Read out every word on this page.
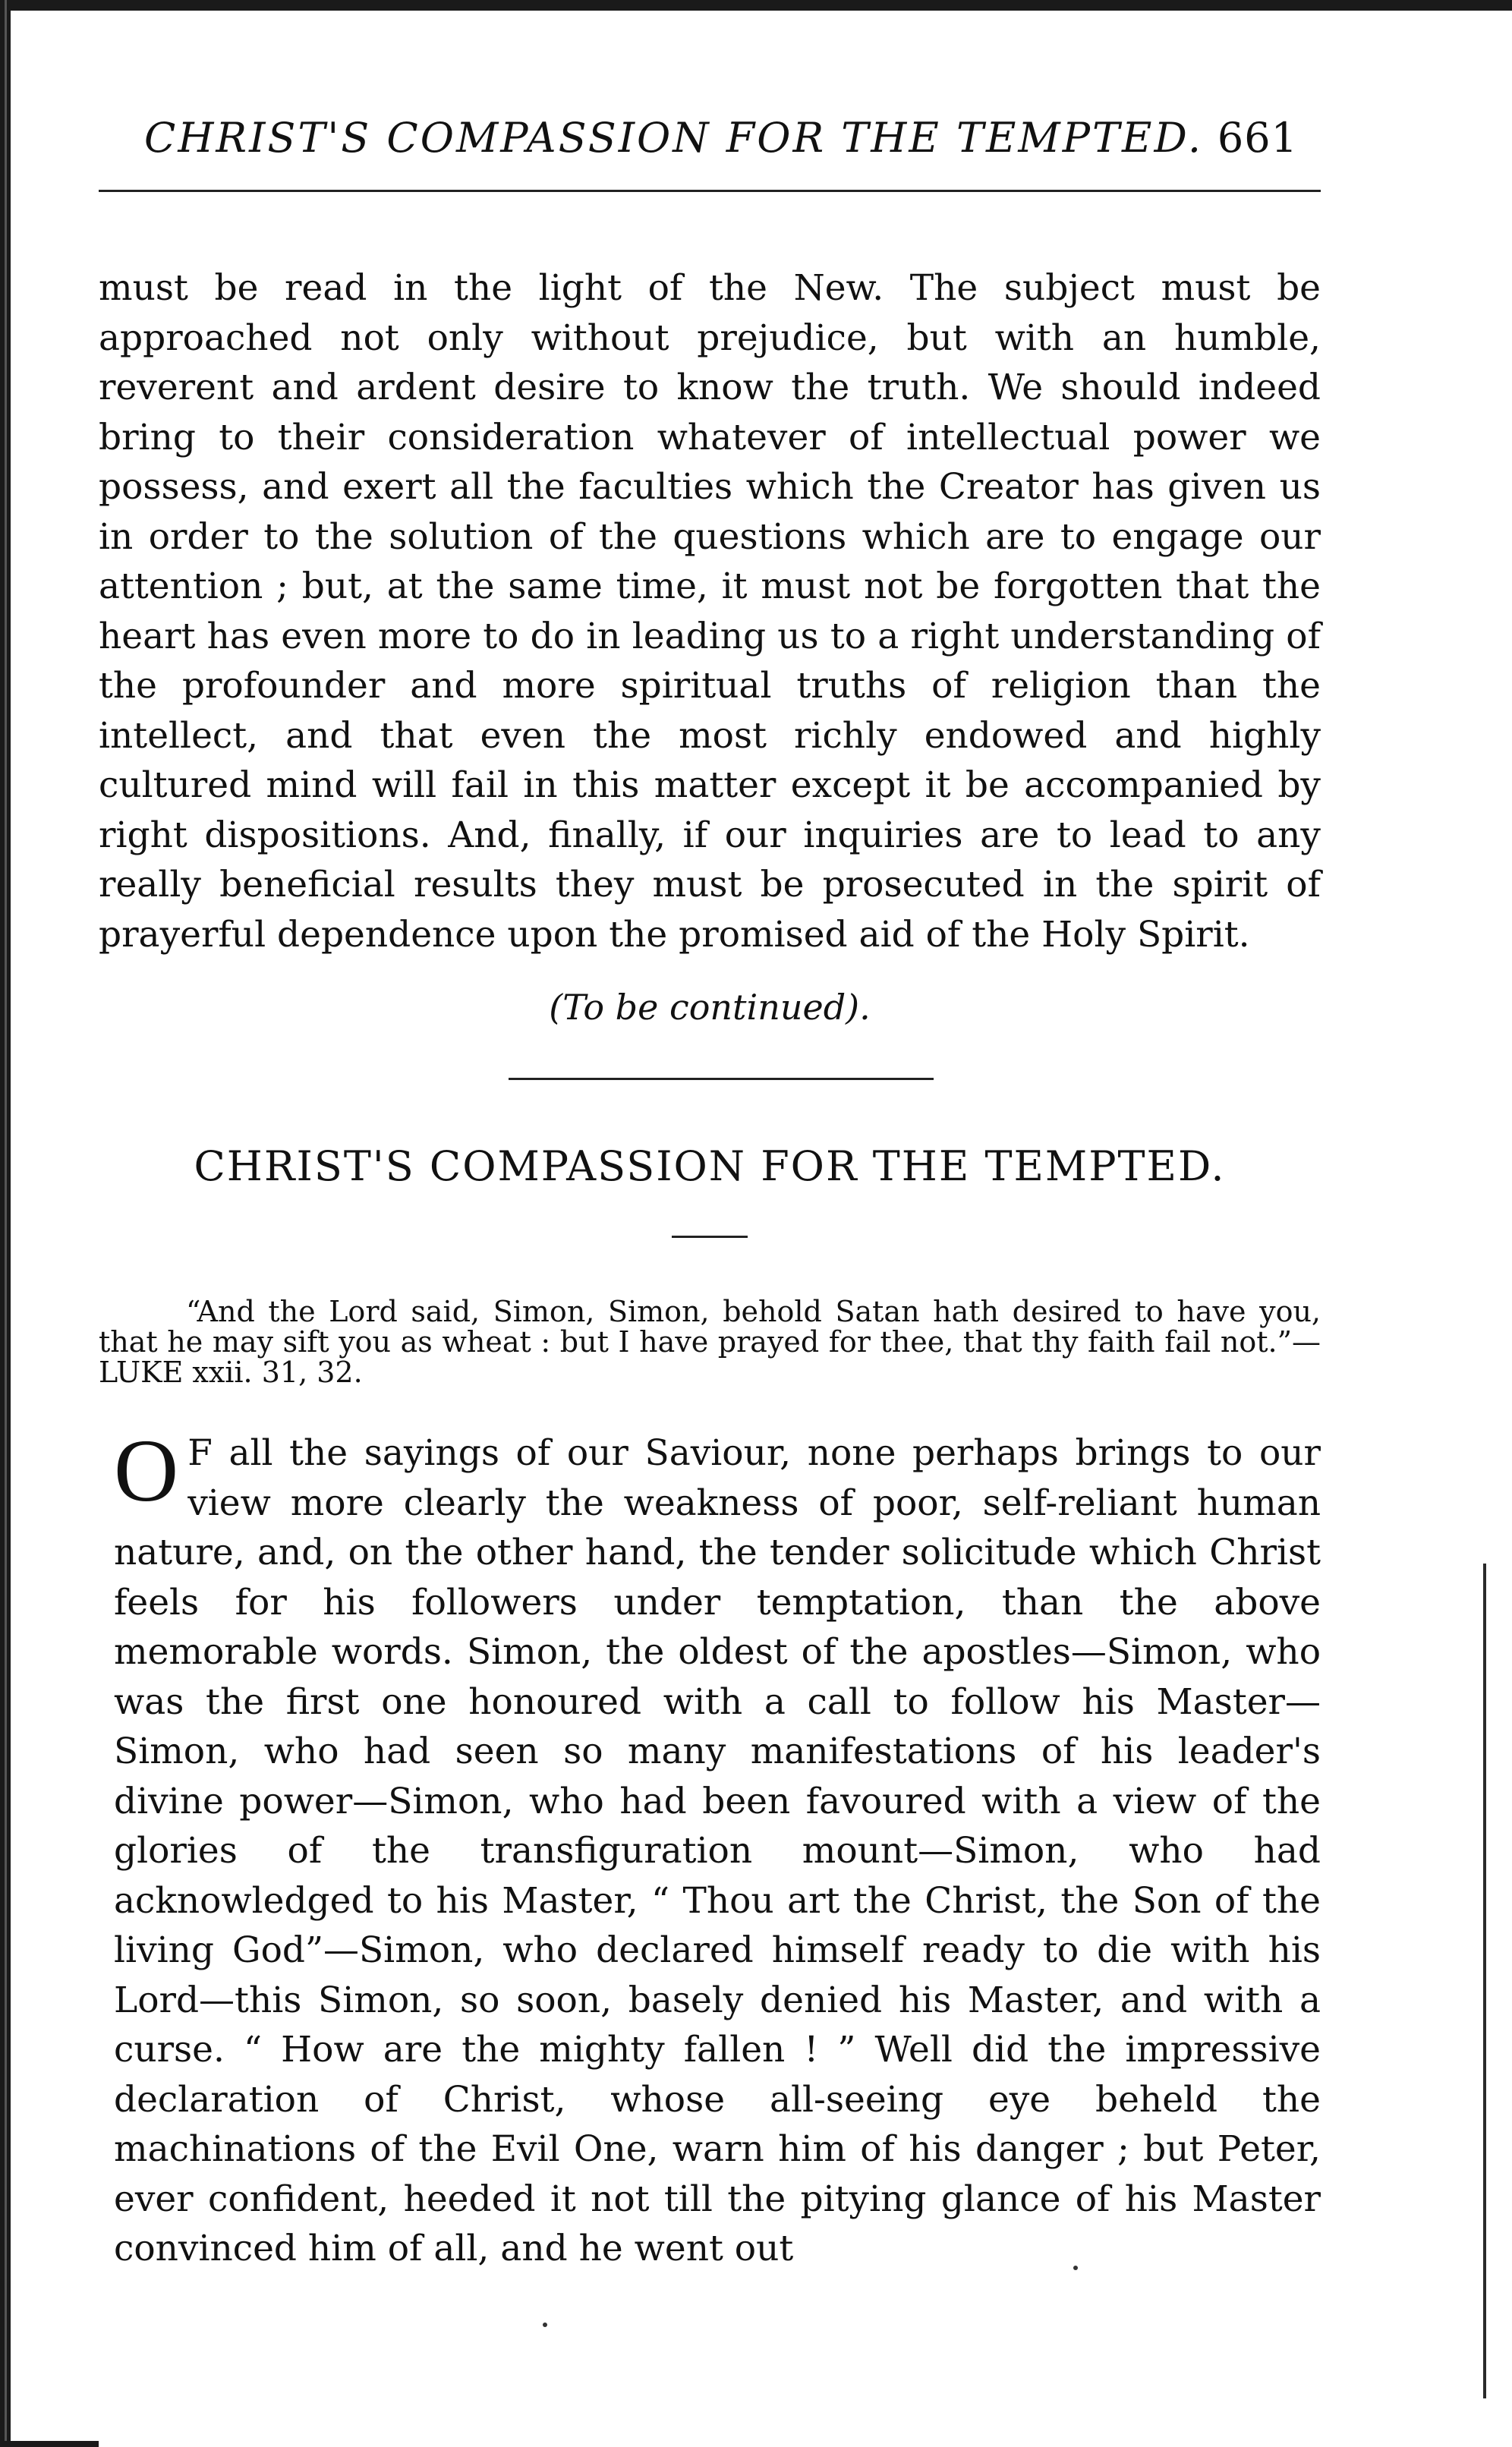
CHRIST'S COMPASSION FOR THE TEMPTED. 661

must be read in the light of the New. The subject must be approached not only without prejudice, but with an humble, reverent and ardent desire to know the truth. We should indeed bring to their consideration whatever of intellectual power we possess, and exert all the faculties which the Creator has given us in order to the solution of the questions which are to engage our attention ; but, at the same time, it must not be forgotten that the heart has even more to do in leading us to a right understanding of the profounder and more spiritual truths of religion than the intellect, and that even the most richly endowed and highly cultured mind will fail in this matter except it be accompanied by right dispositions. And, finally, if our inquiries are to lead to any really beneficial results they must be prosecuted in the spirit of prayerful dependence upon the promised aid of the Holy Spirit.

(To be continued).
CHRIST'S COMPASSION FOR THE TEMPTED.

“And the Lord said, Simon, Simon, behold Satan hath desired to have you, that he may sift you as wheat : but I have prayed for thee, that thy faith fail not.”—LUKE xxii. 31, 32.

O F all the sayings of our Saviour, none perhaps brings to our view more clearly the weakness of poor, self-reliant human nature, and, on the other hand, the tender solicitude which Christ feels for his followers under temptation, than the above memorable words. Simon, the oldest of the apostles—Simon, who was the first one honoured with a call to follow his Master—Simon, who had seen so many manifestations of his leader's divine power—Simon, who had been favoured with a view of the glories of the transfiguration mount—Simon, who had acknowledged to his Master, “ Thou art the Christ, the Son of the living God”—Simon, who declared himself ready to die with his Lord—this Simon, so soon, basely denied his Master, and with a curse. “ How are the mighty fallen ! ” Well did the impressive declaration of Christ, whose all-seeing eye beheld the machinations of the Evil One, warn him of his danger ; but Peter, ever confident, heeded it not till the pitying glance of his Master convinced him of all, and he went out
